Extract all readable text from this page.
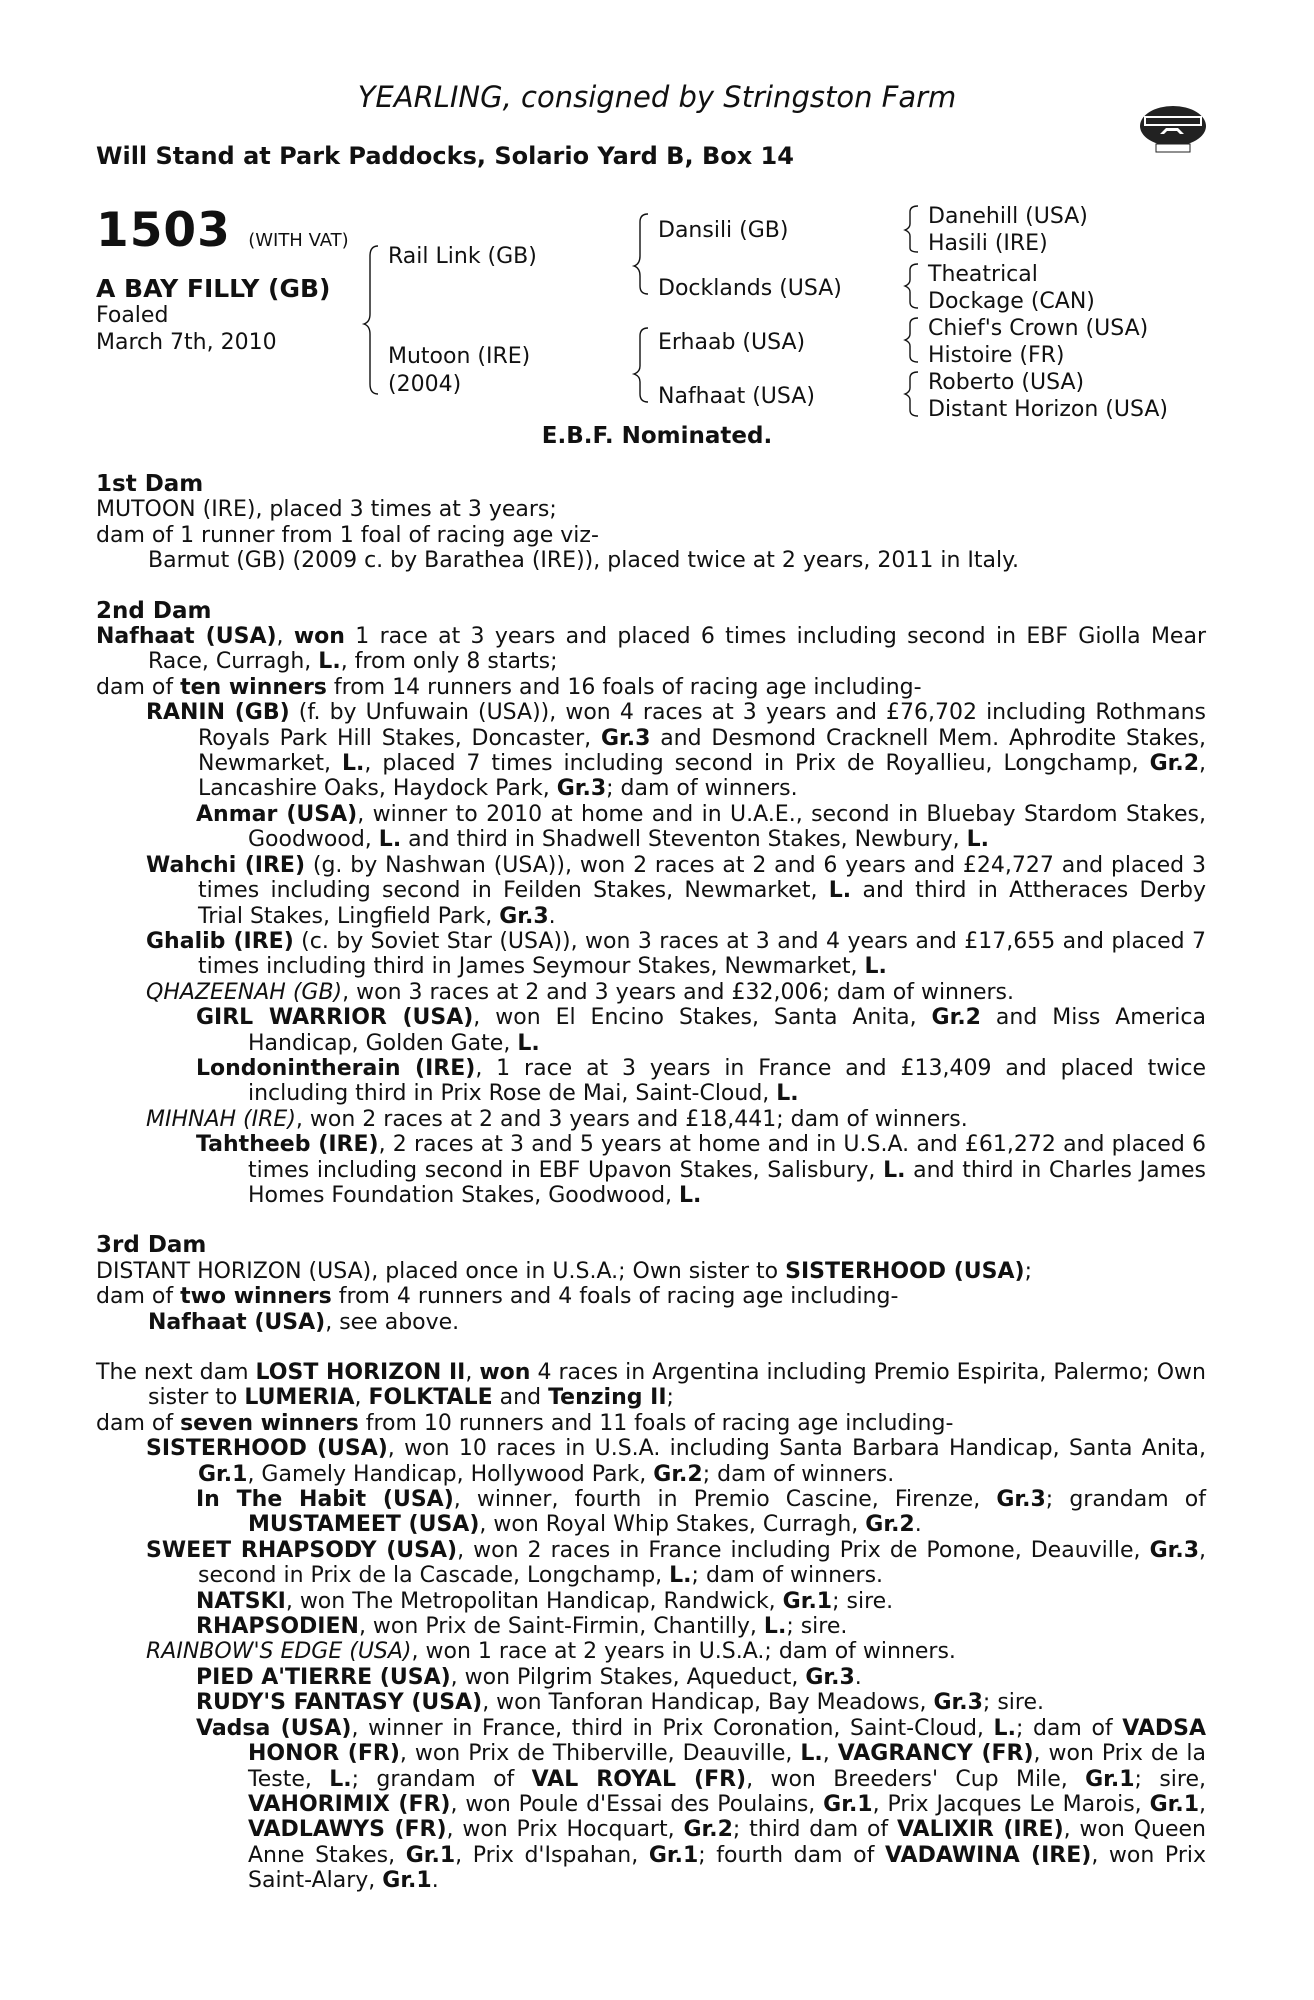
YEARLING, consigned by Stringston Farm
Will Stand at Park Paddocks, Solario Yard B, Box 14
1503 (WITH VAT)
A BAY FILLY (GB)
Foaled
March 7th, 2010
Rail Link (GB)
Mutoon (IRE)
(2004)
Dansili (GB)
Docklands (USA)
Erhaab (USA)
Nafhaat (USA)
Danehill (USA)
Hasili (IRE)
Theatrical
Dockage (CAN)
Chief's Crown (USA)
Histoire (FR)
Roberto (USA)
Distant Horizon (USA)
E.B.F. Nominated.
1st Dam
MUTOON (IRE), placed 3 times at 3 years;
dam of 1 runner from 1 foal of racing age viz-
Barmut (GB) (2009 c. by Barathea (IRE)), placed twice at 2 years, 2011 in Italy.
2nd Dam
Nafhaat (USA), won 1 race at 3 years and placed 6 times including second in EBF Giolla Mear Race, Curragh, L., from only 8 starts;
dam of ten winners from 14 runners and 16 foals of racing age including-
RANIN (GB) (f. by Unfuwain (USA)), won 4 races at 3 years and £76,702 including Rothmans Royals Park Hill Stakes, Doncaster, Gr.3 and Desmond Cracknell Mem. Aphrodite Stakes, Newmarket, L., placed 7 times including second in Prix de Royallieu, Longchamp, Gr.2, Lancashire Oaks, Haydock Park, Gr.3; dam of winners.
Anmar (USA), winner to 2010 at home and in U.A.E., second in Bluebay Stardom Stakes, Goodwood, L. and third in Shadwell Steventon Stakes, Newbury, L.
Wahchi (IRE) (g. by Nashwan (USA)), won 2 races at 2 and 6 years and £24,727 and placed 3 times including second in Feilden Stakes, Newmarket, L. and third in Attheraces Derby Trial Stakes, Lingfield Park, Gr.3.
Ghalib (IRE) (c. by Soviet Star (USA)), won 3 races at 3 and 4 years and £17,655 and placed 7 times including third in James Seymour Stakes, Newmarket, L.
QHAZEENAH (GB), won 3 races at 2 and 3 years and £32,006; dam of winners.
GIRL WARRIOR (USA), won El Encino Stakes, Santa Anita, Gr.2 and Miss America Handicap, Golden Gate, L.
Londonintherain (IRE), 1 race at 3 years in France and £13,409 and placed twice including third in Prix Rose de Mai, Saint-Cloud, L.
MIHNAH (IRE), won 2 races at 2 and 3 years and £18,441; dam of winners.
Tahtheeb (IRE), 2 races at 3 and 5 years at home and in U.S.A. and £61,272 and placed 6 times including second in EBF Upavon Stakes, Salisbury, L. and third in Charles James Homes Foundation Stakes, Goodwood, L.
3rd Dam
DISTANT HORIZON (USA), placed once in U.S.A.; Own sister to SISTERHOOD (USA);
dam of two winners from 4 runners and 4 foals of racing age including-
Nafhaat (USA), see above.
The next dam LOST HORIZON II, won 4 races in Argentina including Premio Espirita, Palermo; Own sister to LUMERIA, FOLKTALE and Tenzing II;
dam of seven winners from 10 runners and 11 foals of racing age including-
SISTERHOOD (USA), won 10 races in U.S.A. including Santa Barbara Handicap, Santa Anita, Gr.1, Gamely Handicap, Hollywood Park, Gr.2; dam of winners.
In The Habit (USA), winner, fourth in Premio Cascine, Firenze, Gr.3; grandam of MUSTAMEET (USA), won Royal Whip Stakes, Curragh, Gr.2.
SWEET RHAPSODY (USA), won 2 races in France including Prix de Pomone, Deauville, Gr.3, second in Prix de la Cascade, Longchamp, L.; dam of winners.
NATSKI, won The Metropolitan Handicap, Randwick, Gr.1; sire.
RHAPSODIEN, won Prix de Saint-Firmin, Chantilly, L.; sire.
RAINBOW'S EDGE (USA), won 1 race at 2 years in U.S.A.; dam of winners.
PIED A'TIERRE (USA), won Pilgrim Stakes, Aqueduct, Gr.3.
RUDY'S FANTASY (USA), won Tanforan Handicap, Bay Meadows, Gr.3; sire.
Vadsa (USA), winner in France, third in Prix Coronation, Saint-Cloud, L.; dam of VADSA HONOR (FR), won Prix de Thiberville, Deauville, L., VAGRANCY (FR), won Prix de la Teste, L.; grandam of VAL ROYAL (FR), won Breeders' Cup Mile, Gr.1; sire, VAHORIMIX (FR), won Poule d'Essai des Poulains, Gr.1, Prix Jacques Le Marois, Gr.1, VADLAWYS (FR), won Prix Hocquart, Gr.2; third dam of VALIXIR (IRE), won Queen Anne Stakes, Gr.1, Prix d'Ispahan, Gr.1; fourth dam of VADAWINA (IRE), won Prix Saint-Alary, Gr.1.
